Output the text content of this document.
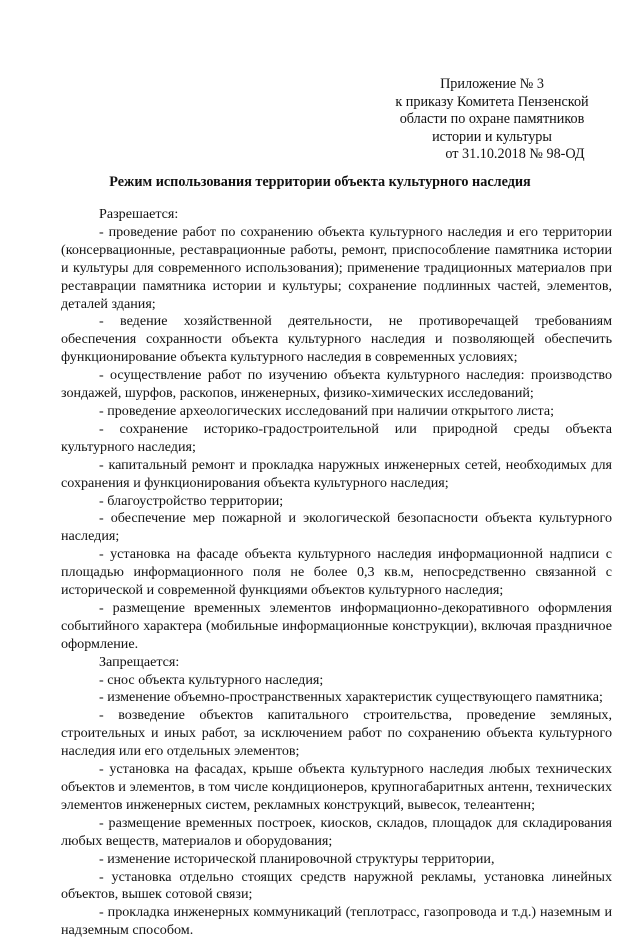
Приложение № 3
к приказу Комитета Пензенской
области по охране памятников
истории и культуры
от 31.10.2018 № 98-ОД
Режим использования территории объекта культурного наследия

Разрешается:

- проведение работ по сохранению объекта культурного наследия и его территории (консервационные, реставрационные работы, ремонт, приспособление памятника истории и культуры для современного использования); применение традиционных материалов при реставрации памятника истории и культуры; сохранение подлинных частей, элементов, деталей здания;

- ведение хозяйственной деятельности, не противоречащей требованиям обеспечения сохранности объекта культурного наследия и позволяющей обеспечить функционирование объекта культурного наследия в современных условиях;

- осуществление работ по изучению объекта культурного наследия: производство зондажей, шурфов, раскопов, инженерных, физико-химических исследований;

- проведение археологических исследований при наличии открытого листа;

- сохранение историко-градостроительной или природной среды объекта культурного наследия;

- капитальный ремонт и прокладка наружных инженерных сетей, необходимых для сохранения и функционирования объекта культурного наследия;

- благоустройство территории;

- обеспечение мер пожарной и экологической безопасности объекта культурного наследия;

- установка на фасаде объекта культурного наследия информационной надписи с площадью информационного поля не более 0,3 кв.м, непосредственно связанной с исторической и современной функциями объектов культурного наследия;

- размещение временных элементов информационно-декоративного оформления событийного характера (мобильные информационные конструкции), включая праздничное оформление.

Запрещается:

- снос объекта культурного наследия;

- изменение объемно-пространственных характеристик существующего памятника;

- возведение объектов капитального строительства, проведение земляных, строительных и иных работ, за исключением работ по сохранению объекта культурного наследия или его отдельных элементов;

- установка на фасадах, крыше объекта культурного наследия любых технических объектов и элементов, в том числе кондиционеров, крупногабаритных антенн, технических элементов инженерных систем, рекламных конструкций, вывесок, телеантенн;

- размещение временных построек, киосков, складов, площадок для складирования любых веществ, материалов и оборудования;

- изменение исторической планировочной структуры территории,

- установка отдельно стоящих средств наружной рекламы, установка линейных объектов, вышек сотовой связи;

- прокладка инженерных коммуникаций (теплотрасс, газопровода и т.д.) наземным и надземным способом.
